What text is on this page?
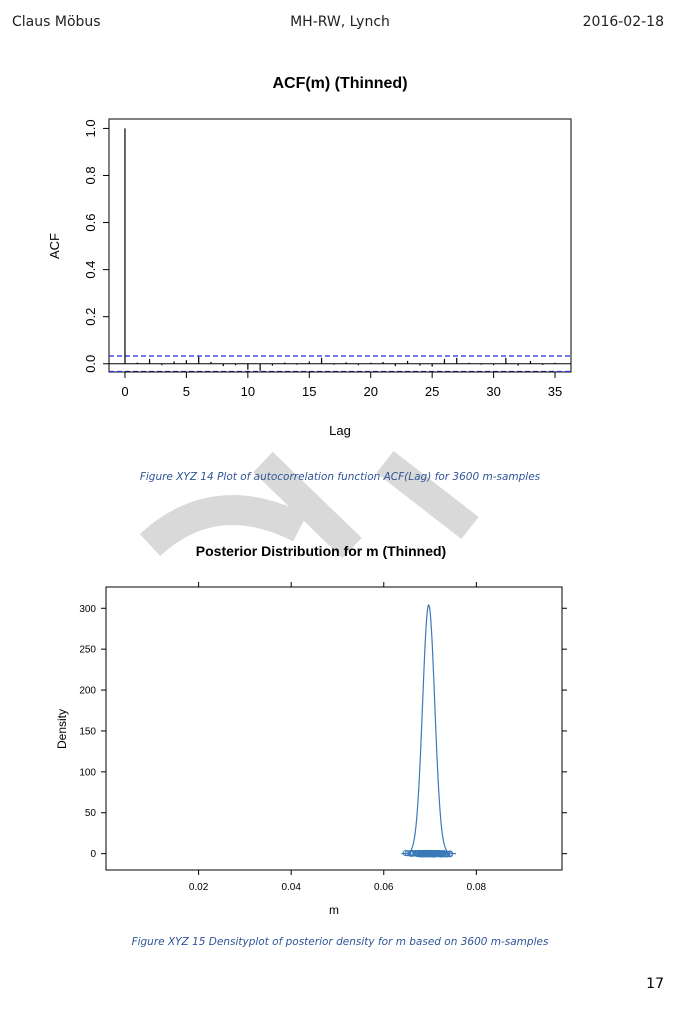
Claus Möbus	MH-RW, Lynch	2016-02-18
ACF(m) (Thinned)
0	5	10	15	20	25	30	35
0.0
0.2
0.4
0.6
0.8
1.0
Lag
ACF
Posterior Distribution for m (Thinned)
0.02	0.04	0.06	0.08
0
50
100
150
200
250
300
m
Density
Figure XYZ 14 Plot of autocorrelation function ACF(Lag) for 3600 m-samples
Figure XYZ 15 Densityplot of posterior density for m based on 3600 m-samples
17
